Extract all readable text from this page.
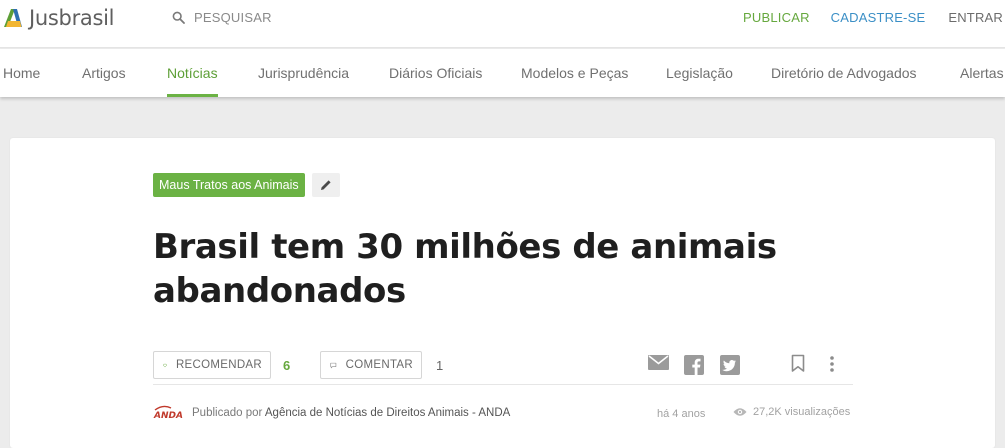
Jusbrasil	PESQUISAR	PUBLICAR CADASTRE-SE ENTRAR
Home	Artigos	Notícias	Jurisprudência	Diários Oficiais	Modelos e Peças	Legislação	Diretório de Advogados	Alertas
Maus Tratos aos Animais
Brasil tem 30 milhões de animais abandonados
RECOMENDAR 6	COMENTAR 1
ANDA Publicado por Agência de Notícias de Direitos Animais - ANDA	há 4 anos	27,2K visualizações
